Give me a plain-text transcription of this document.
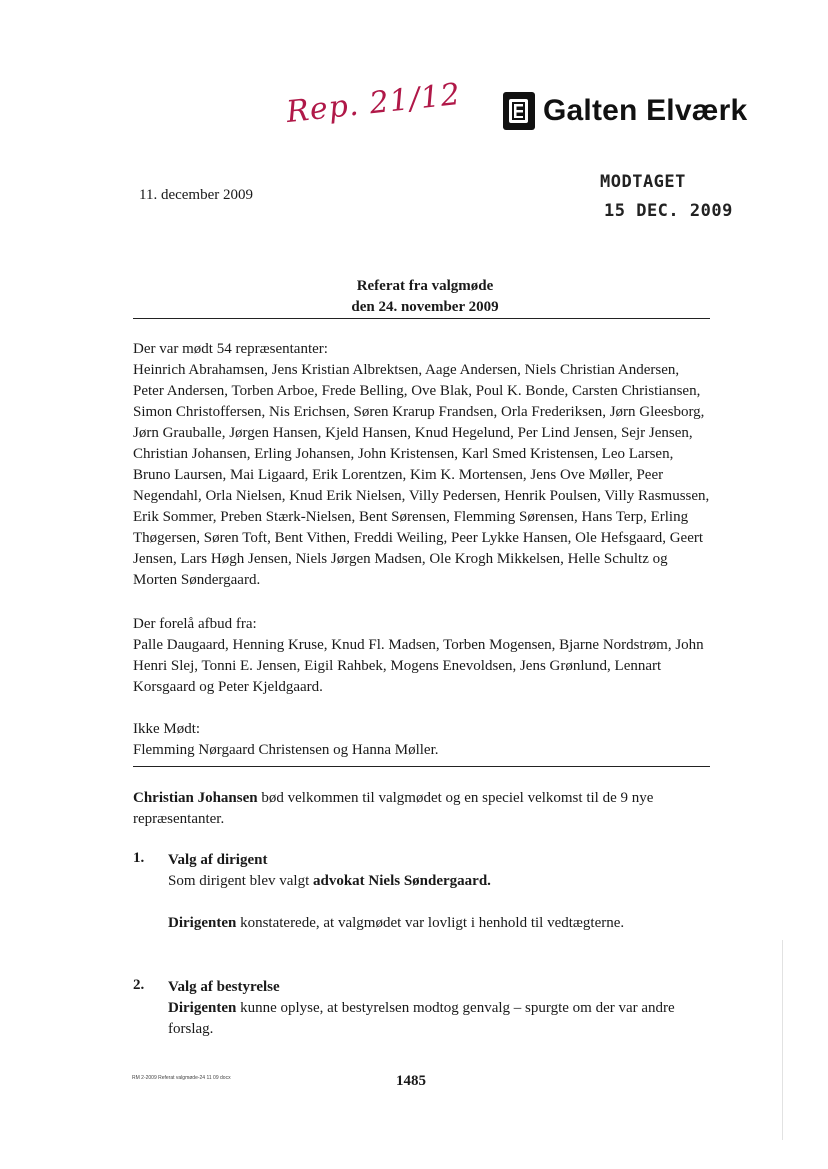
Rep. 21/12	Galten Elværk
11. december 2009
MODTAGET
15 DEC. 2009
Referat fra valgmøde
den 24. november 2009

Der var mødt 54 repræsentanter:

Heinrich Abrahamsen, Jens Kristian Albrektsen, Aage Andersen, Niels Christian Andersen, Peter Andersen, Torben Arboe, Frede Belling, Ove Blak, Poul K. Bonde, Carsten Christiansen, Simon Christoffersen, Nis Erichsen, Søren Krarup Frandsen, Orla Frederiksen, Jørn Gleesborg, Jørn Grauballe, Jørgen Hansen, Kjeld Hansen, Knud Hegelund, Per Lind Jensen, Sejr Jensen, Christian Johansen, Erling Johansen, John Kristensen, Karl Smed Kristensen, Leo Larsen, Bruno Laursen, Mai Ligaard, Erik Lorentzen, Kim K. Mortensen, Jens Ove Møller, Peer Negendahl, Orla Nielsen, Knud Erik Nielsen, Villy Pedersen, Henrik Poulsen, Villy Rasmussen, Erik Sommer, Preben Stærk-Nielsen, Bent Sørensen, Flemming Sørensen, Hans Terp, Erling Thøgersen, Søren Toft, Bent Vithen, Freddi Weiling, Peer Lykke Hansen, Ole Hefsgaard, Geert Jensen, Lars Høgh Jensen, Niels Jørgen Madsen, Ole Krogh Mikkelsen, Helle Schultz og Morten Søndergaard.

Der forelå afbud fra:

Palle Daugaard, Henning Kruse, Knud Fl. Madsen, Torben Mogensen, Bjarne Nordstrøm, John Henri Slej, Tonni E. Jensen, Eigil Rahbek, Mogens Enevoldsen, Jens Grønlund, Lennart Korsgaard og Peter Kjeldgaard.

Ikke Mødt:

Flemming Nørgaard Christensen og Hanna Møller.

Christian Johansen bød velkommen til valgmødet og en speciel velkomst til de 9 nye repræsentanter.

1. Valg af dirigent

Som dirigent blev valgt advokat Niels Søndergaard.

Dirigenten konstaterede, at valgmødet var lovligt i henhold til vedtægterne.

2. Valg af bestyrelse

Dirigenten kunne oplyse, at bestyrelsen modtog genvalg – spurgte om der var andre forslag.

RM 2-2009 Referat valgmøde-24 11 09 docx	1485
